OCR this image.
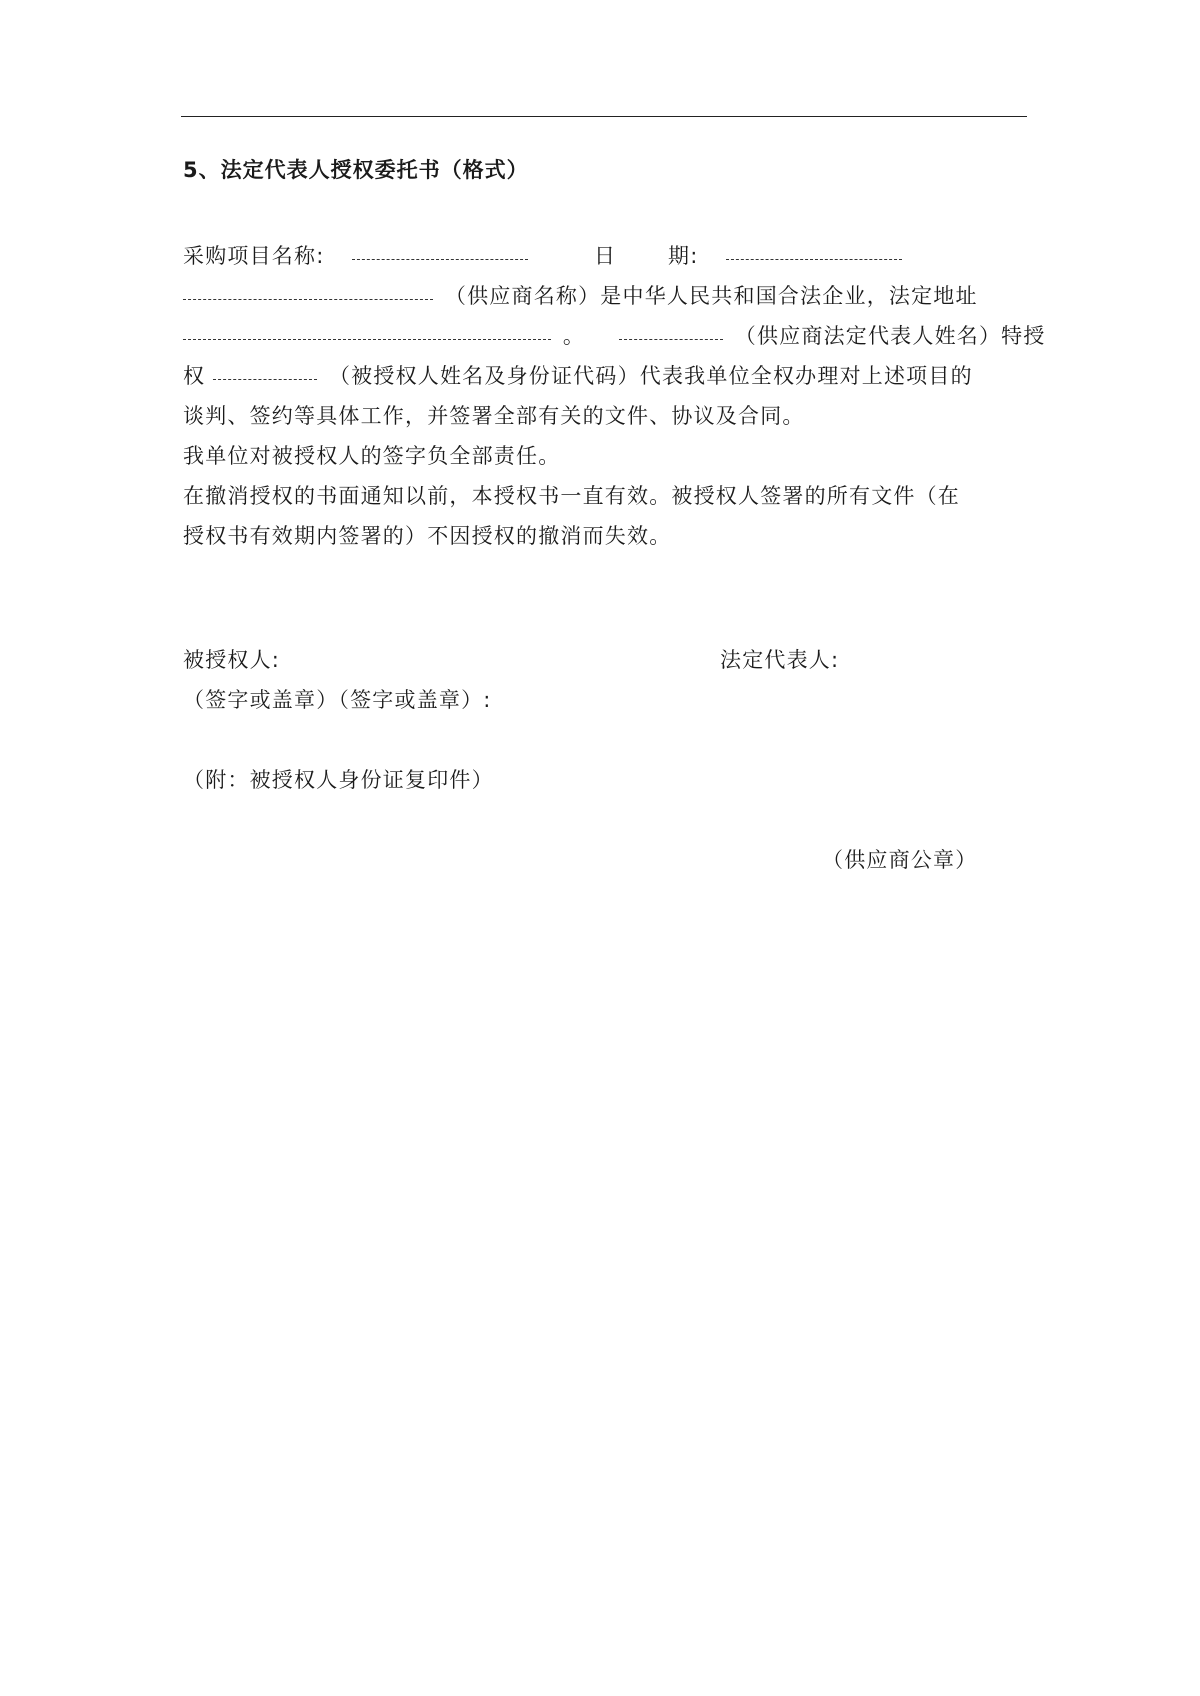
5、法定代表人授权委托书（格式）
采购项目名称:	日 期:
（供应商名称）是中华人民共和国合法企业，法定地址
。	（供应商法定代表人姓名）特授
权	（被授权人姓名及身份证代码）代表我单位全权办理对上述项目的
谈判、签约等具体工作，并签署全部有关的文件、协议及合同。
我单位对被授权人的签字负全部责任。
在撤消授权的书面通知以前，本授权书一直有效。被授权人签署的所有文件（在
授权书有效期内签署的）不因授权的撤消而失效。
被授权人:	法定代表人:
（签字或盖章）（签字或盖章）:
（附：被授权人身份证复印件）
（供应商公章）
